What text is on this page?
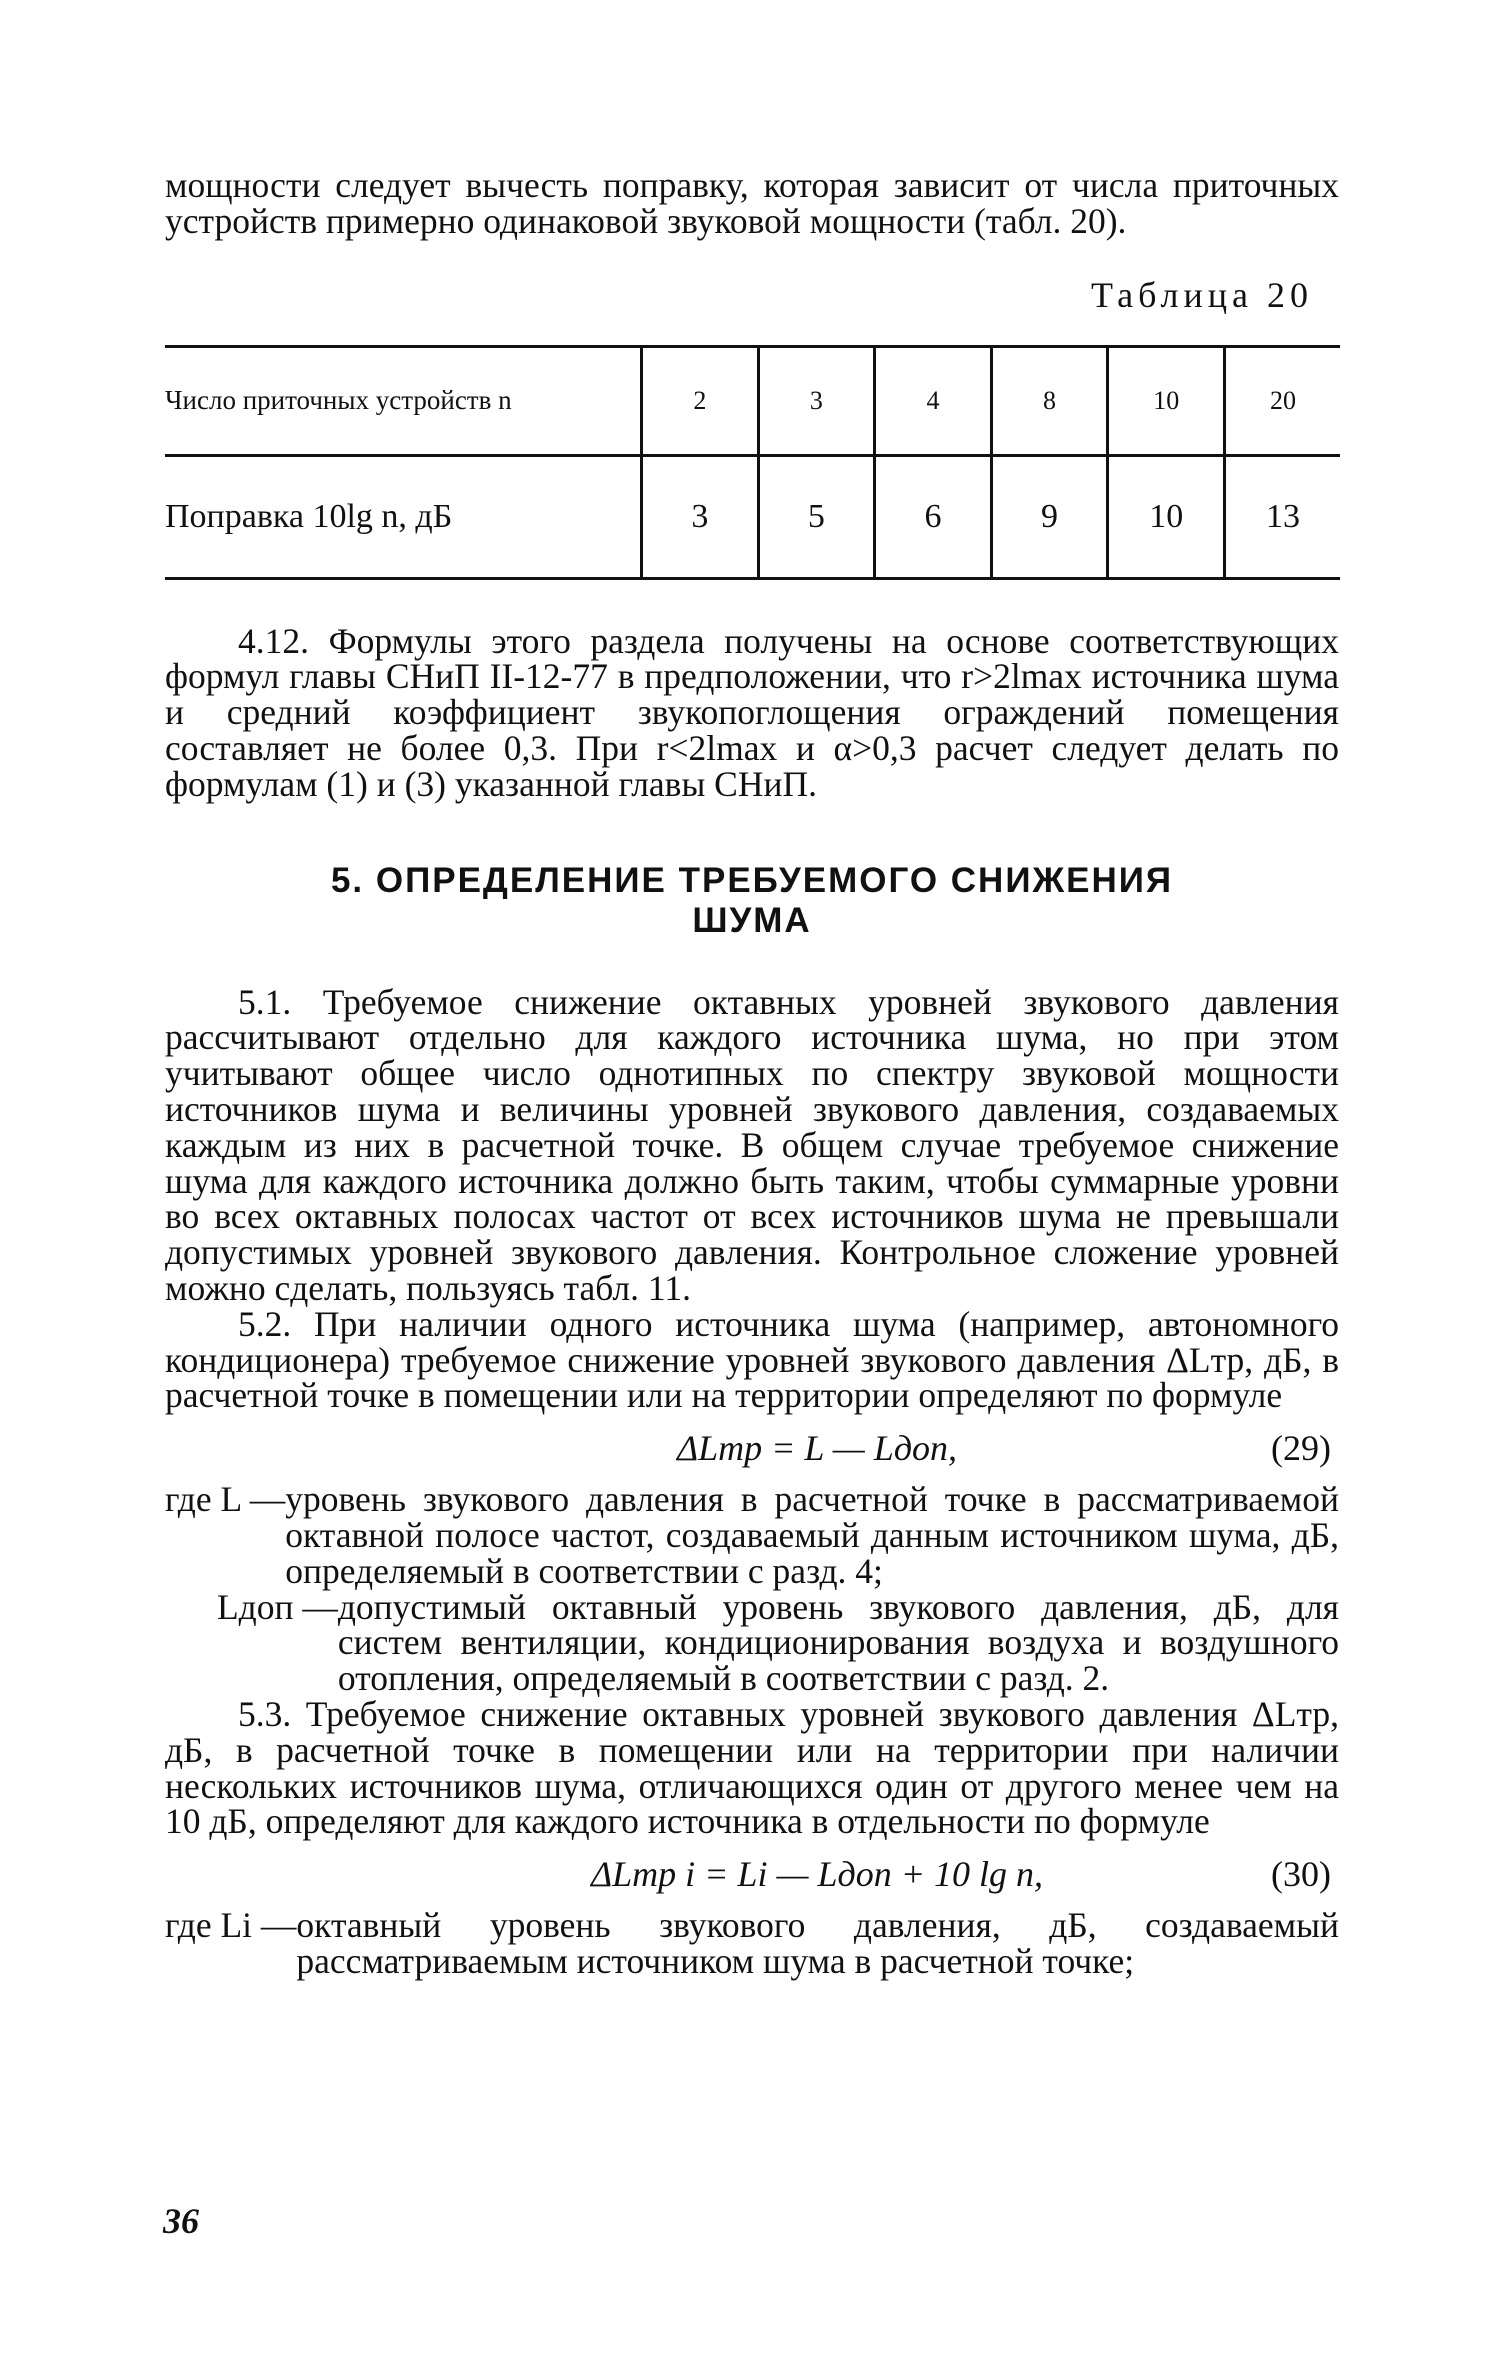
мощности следует вычесть поправку, которая зависит от числа приточных устройств примерно одинаковой звуковой мощности (табл. 20).

Таблица 20
Число приточных устройств n	2	3	4	8	10	20
Поправка 10lg n, дБ	3	5	6	9	10	13

4.12. Формулы этого раздела получены на основе соответствующих формул главы СНиП II-12-77 в предположении, что r>2lmax источника шума и средний коэффициент звукопоглощения ограждений помещения составляет не более 0,3. При r<2lmax и α>0,3 расчет следует делать по формулам (1) и (3) указанной главы СНиП.

5. ОПРЕДЕЛЕНИЕ ТРЕБУЕМОГО СНИЖЕНИЯ
ШУМА

5.1. Требуемое снижение октавных уровней звукового давления рассчитывают отдельно для каждого источника шума, но при этом учитывают общее число однотипных по спектру звуковой мощности источников шума и величины уровней звукового давления, создаваемых каждым из них в расчетной точке. В общем случае требуемое снижение шума для каждого источника должно быть таким, чтобы суммарные уровни во всех октавных полосах частот от всех источников шума не превышали допустимых уровней звукового давления. Контрольное сложение уровней можно сделать, пользуясь табл. 11.

5.2. При наличии одного источника шума (например, автономного кондиционера) требуемое снижение уровней звукового давления ΔLтр, дБ, в расчетной точке в помещении или на территории определяют по формуле

ΔLтр = L — Lдоп,	(29)
где L — уровень звукового давления в расчетной точке в рассматриваемой октавной полосе частот, создаваемый данным источником шума, дБ, определяемый в соответствии с разд. 4;
Lдоп — допустимый октавный уровень звукового давления, дБ, для систем вентиляции, кондиционирования воздуха и воздушного отопления, определяемый в соответствии с разд. 2.

5.3. Требуемое снижение октавных уровней звукового давления ΔLтр, дБ, в расчетной точке в помещении или на территории при наличии нескольких источников шума, отличающихся один от другого менее чем на 10 дБ, определяют для каждого источника в отдельности по формуле

ΔLтр i = Li — Lдоп + 10 lg n,	(30)
где Li — октавный уровень звукового давления, дБ, создаваемый рассматриваемым источником шума в расчетной точке;
36
